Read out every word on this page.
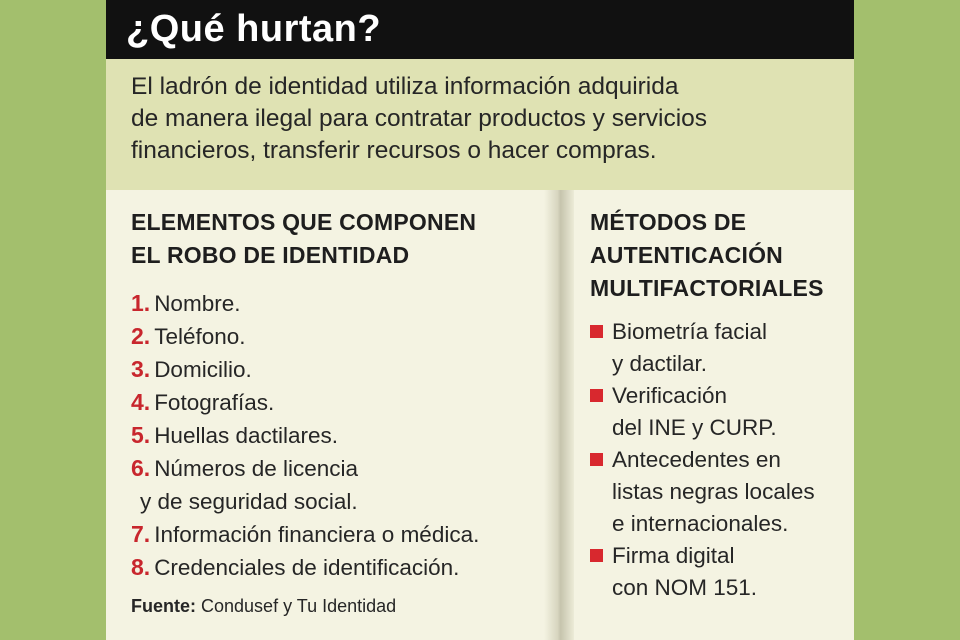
¿Qué hurtan?
El ladrón de identidad utiliza información adquirida
de manera ilegal para contratar productos y servicios
financieros, transferir recursos o hacer compras.
ELEMENTOS QUE COMPONEN
EL ROBO DE IDENTIDAD
1. Nombre.
2. Teléfono.
3. Domicilio.
4. Fotografías.
5. Huellas dactilares.
6. Números de licencia
y de seguridad social.
7. Información financiera o médica.
8. Credenciales de identificación.
Fuente: Condusef y Tu Identidad
MÉTODOS DE
AUTENTICACIÓN
MULTIFACTORIALES
Biometría facial
y dactilar.
Verificación
del INE y CURP.
Antecedentes en
listas negras locales
e internacionales.
Firma digital
con NOM 151.
